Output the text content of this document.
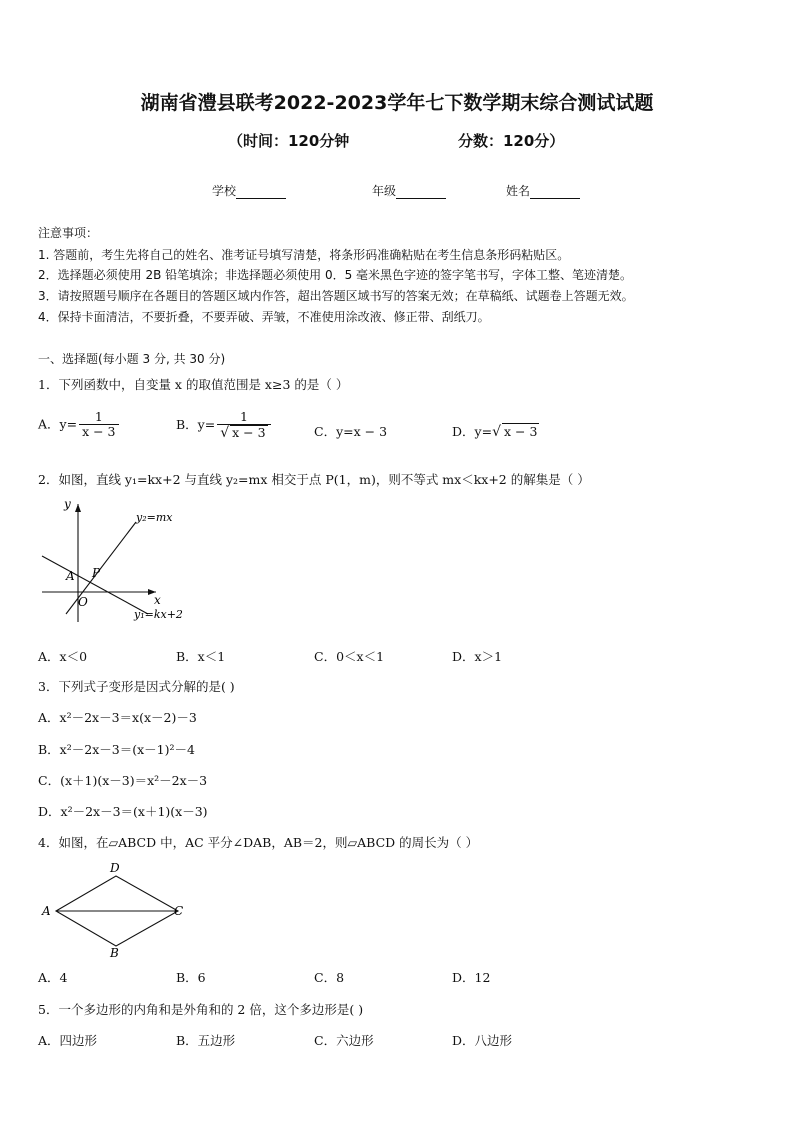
湖南省澧县联考2022-2023学年七下数学期末综合测试试题
（时间：120分钟	分数：120分）
学校	年级	姓名
注意事项：
1. 答题前，考生先将自己的姓名、准考证号填写清楚，将条形码准确粘贴在考生信息条形码粘贴区。
2．选择题必须使用 2B 铅笔填涂；非选择题必须使用 0．5 毫米黑色字迹的签字笔书写，字体工整、笔迹清楚。
3．请按照题号顺序在各题目的答题区域内作答，超出答题区域书写的答案无效；在草稿纸、试题卷上答题无效。
4．保持卡面清洁，不要折叠，不要弄破、弄皱，不准使用涂改液、修正带、刮纸刀。
一、选择题(每小题 3 分, 共 30 分)
1．下列函数中，自变量 x 的取值范围是 x≥3 的是（ ）
A．$y= \frac{1}{x - 3}$	B．$y= \frac{1}{√ x - 3}$	C．y=x − 3	D．y=√ x − 3
2．如图，直线 y₁=kx+2 与直线 y₂=mx 相交于点 P(1，m)，则不等式 mx＜kx+2 的解集是（ ）
y
x
O
A P
y₂=mx
y₁=kx+2
A．x＜0	B．x＜1	C．0＜x＜1	D．x＞1
3．下列式子变形是因式分解的是( )
A．x²－2x－3＝x(x－2)－3
B．x²－2x－3＝(x－1)²－4
C．(x＋1)(x－3)＝x²－2x－3
D．x²－2x－3＝(x＋1)(x－3)
4．如图，在▱ABCD 中，AC 平分∠DAB，AB＝2，则▱ABCD 的周长为（ ）
A
D
C
B
A．4	B．6	C．8	D．12
5．一个多边形的内角和是外角和的 2 倍，这个多边形是( )
A．四边形	B．五边形	C．六边形	D．八边形
